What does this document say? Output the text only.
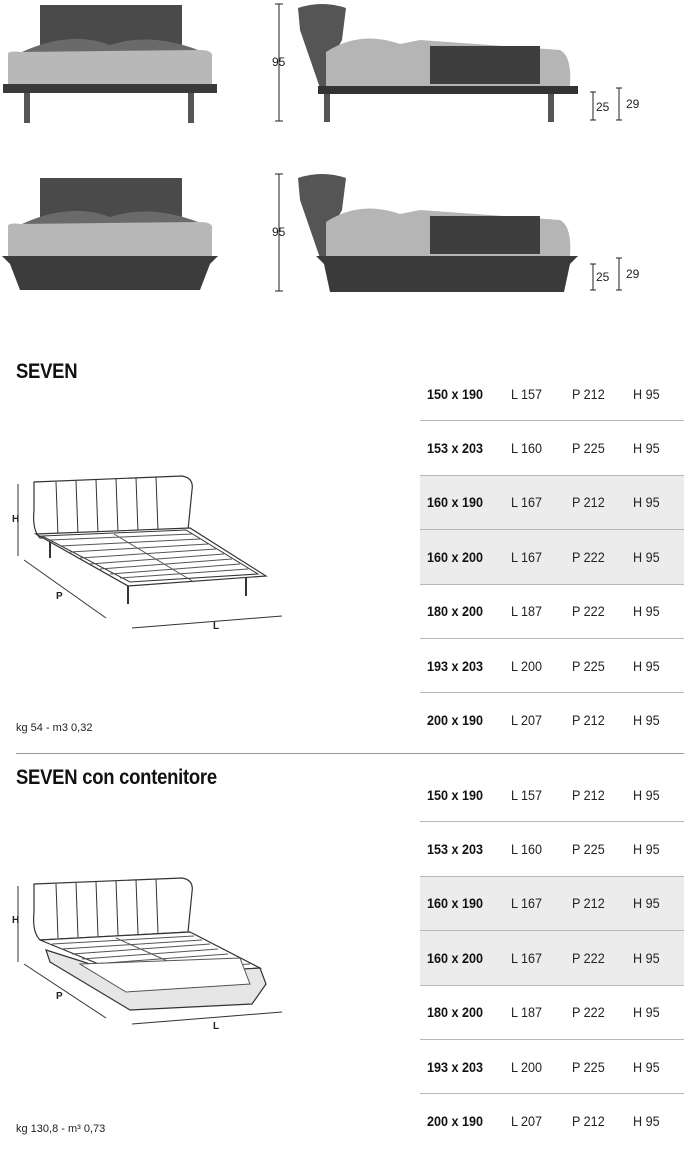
95
25 29
95
25 29
SEVEN
H
P
L
kg 54 - m3 0,32
150 x 190 L 157 P 212 H 95
153 x 203 L 160 P 225 H 95
160 x 190 L 167 P 212 H 95
160 x 200 L 167 P 222 H 95
180 x 200 L 187 P 222 H 95
193 x 203 L 200 P 225 H 95
200 x 190 L 207 P 212 H 95
SEVEN con contenitore
H
P
L
kg 130,8 - m³ 0,73
150 x 190 L 157 P 212 H 95
153 x 203 L 160 P 225 H 95
160 x 190 L 167 P 212 H 95
160 x 200 L 167 P 222 H 95
180 x 200 L 187 P 222 H 95
193 x 203 L 200 P 225 H 95
200 x 190 L 207 P 212 H 95
